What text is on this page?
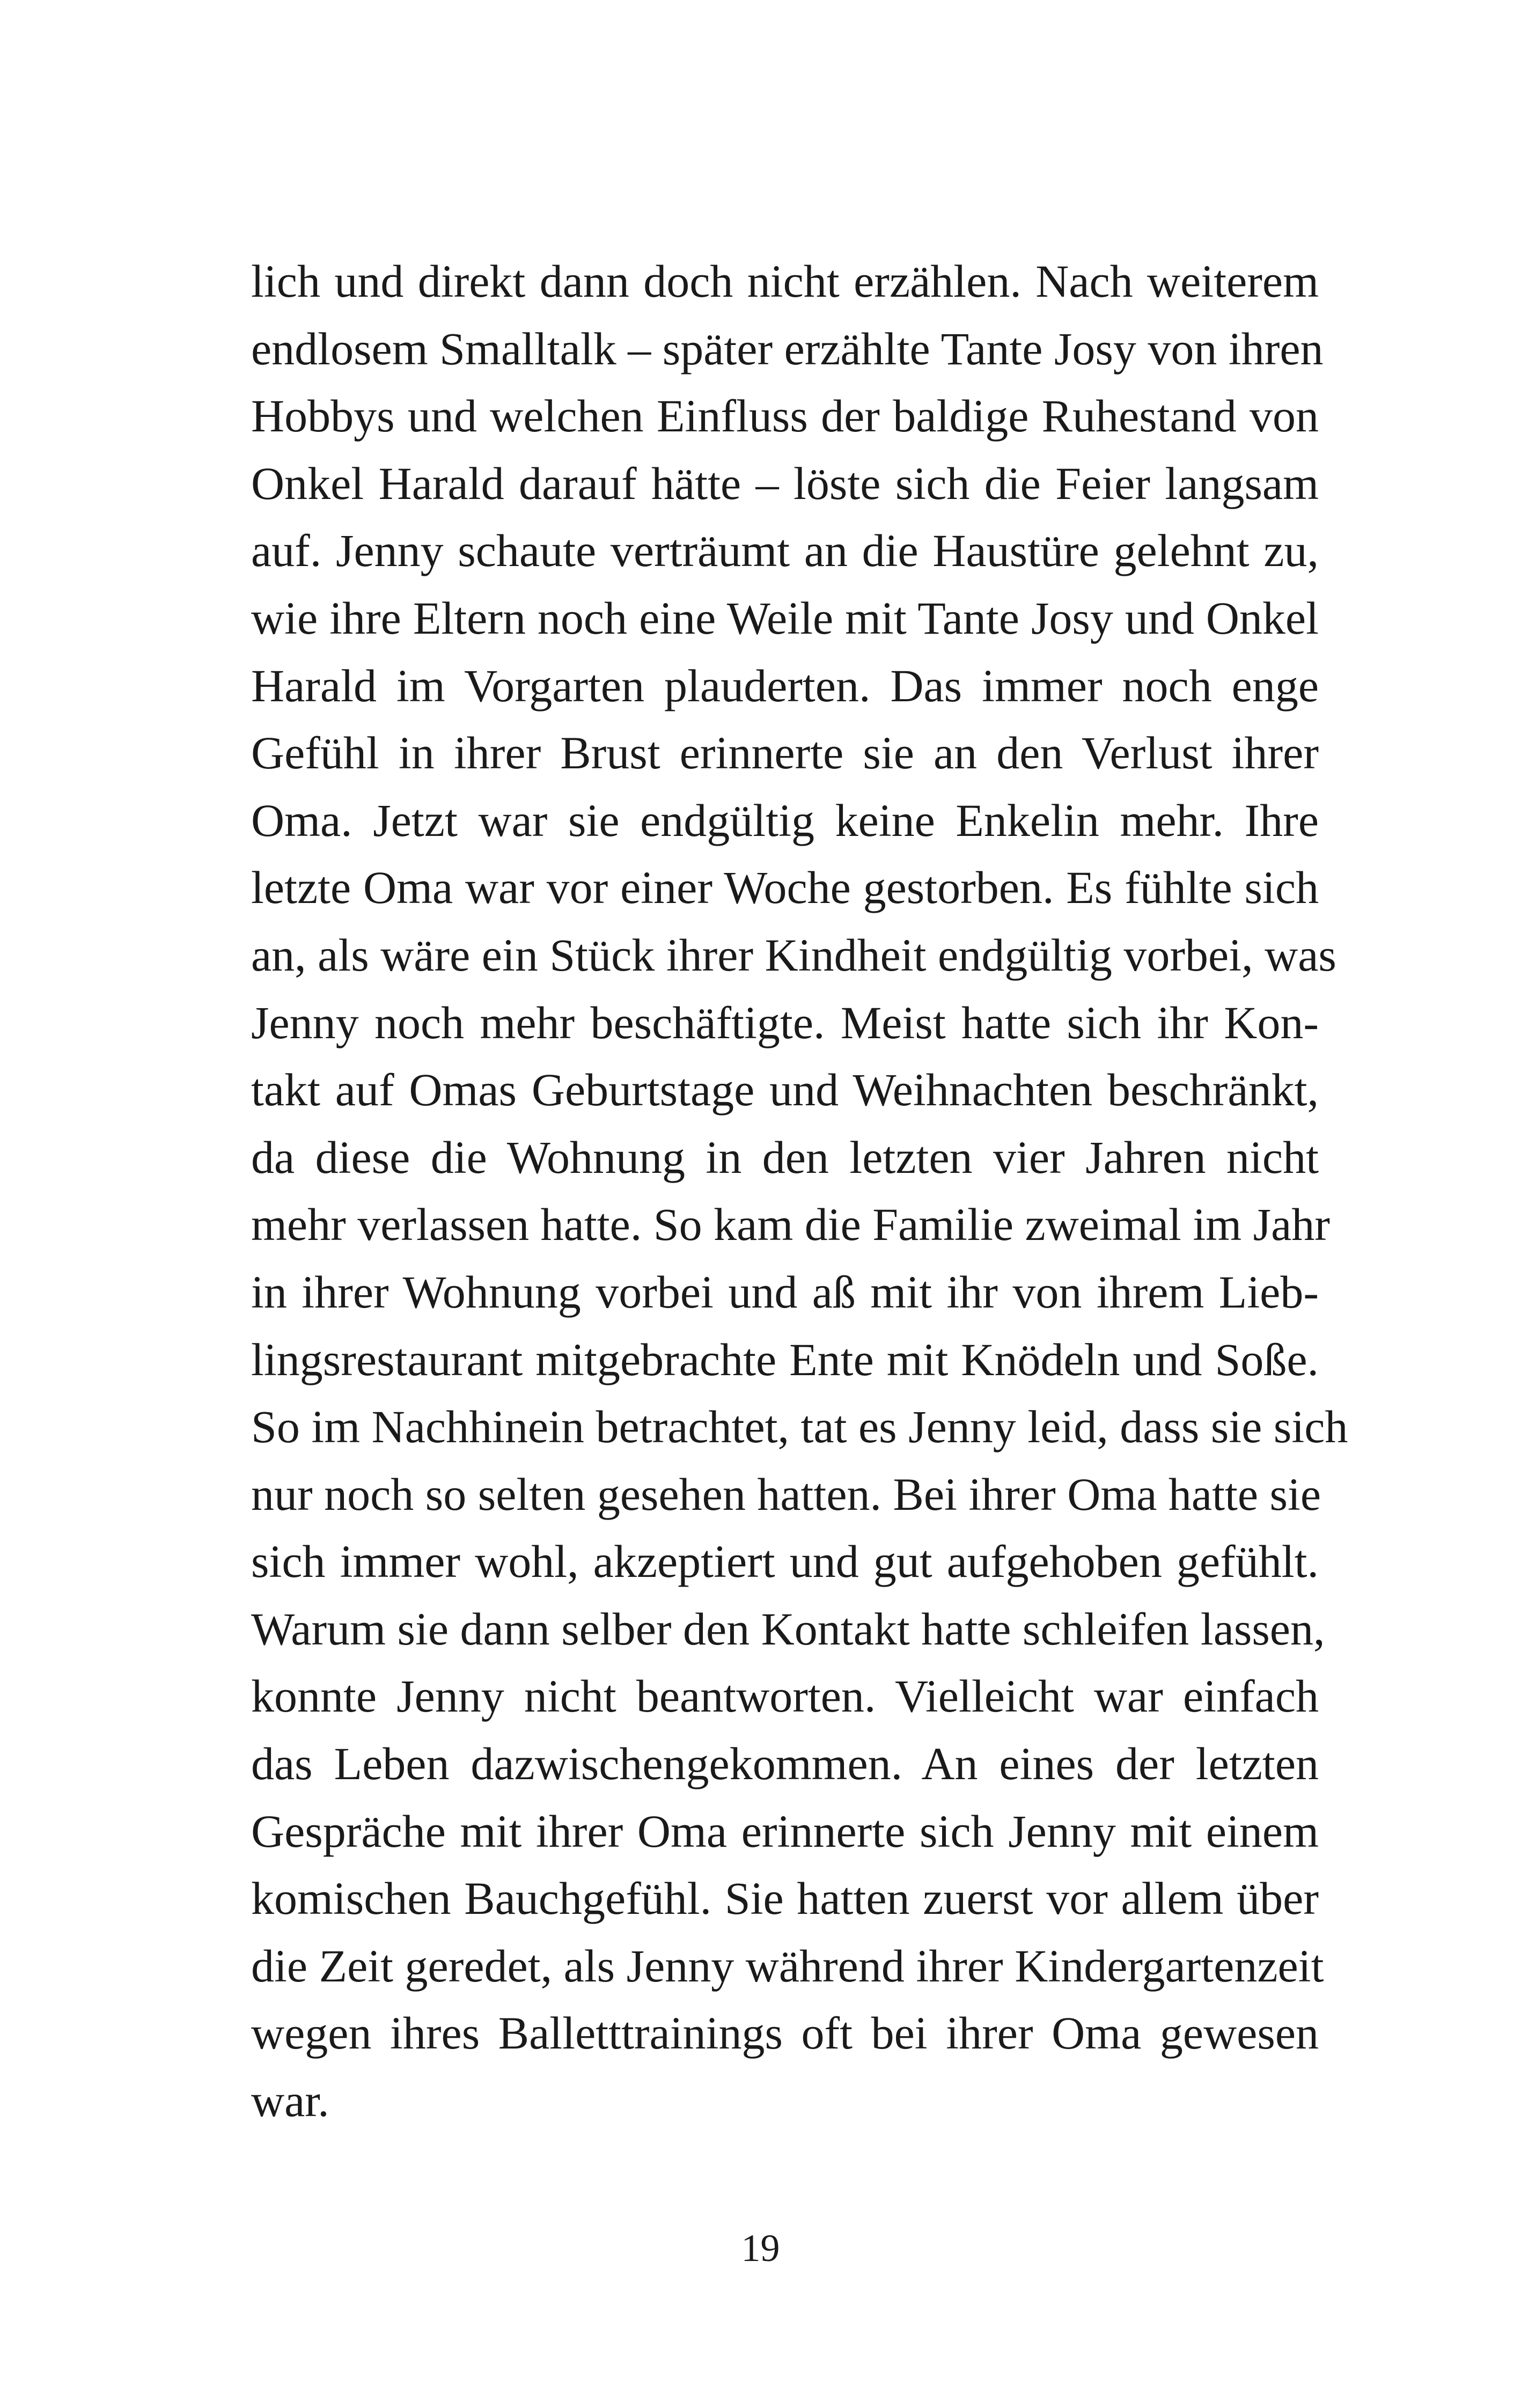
lich und direkt dann doch nicht erzählen. Nach weiterem
endlosem Smalltalk – später erzählte Tante Josy von ihren
Hobbys und welchen Einfluss der baldige Ruhestand von
Onkel Harald darauf hätte – löste sich die Feier langsam
auf. Jenny schaute verträumt an die Haustüre gelehnt zu,
wie ihre Eltern noch eine Weile mit Tante Josy und Onkel
Harald im Vorgarten plauderten. Das immer noch enge
Gefühl in ihrer Brust erinnerte sie an den Verlust ihrer
Oma. Jetzt war sie endgültig keine Enkelin mehr. Ihre
letzte Oma war vor einer Woche gestorben. Es fühlte sich
an, als wäre ein Stück ihrer Kindheit endgültig vorbei, was
Jenny noch mehr beschäftigte. Meist hatte sich ihr Kon-
takt auf Omas Geburtstage und Weihnachten beschränkt,
da diese die Wohnung in den letzten vier Jahren nicht
mehr verlassen hatte. So kam die Familie zweimal im Jahr
in ihrer Wohnung vorbei und aß mit ihr von ihrem Lieb-
lingsrestaurant mitgebrachte Ente mit Knödeln und Soße.
So im Nachhinein betrachtet, tat es Jenny leid, dass sie sich
nur noch so selten gesehen hatten. Bei ihrer Oma hatte sie
sich immer wohl, akzeptiert und gut aufgehoben gefühlt.
Warum sie dann selber den Kontakt hatte schleifen lassen,
konnte Jenny nicht beantworten. Vielleicht war einfach
das Leben dazwischengekommen. An eines der letzten
Gespräche mit ihrer Oma erinnerte sich Jenny mit einem
komischen Bauchgefühl. Sie hatten zuerst vor allem über
die Zeit geredet, als Jenny während ihrer Kindergartenzeit
wegen ihres Balletttrainings oft bei ihrer Oma gewesen
war.
19
